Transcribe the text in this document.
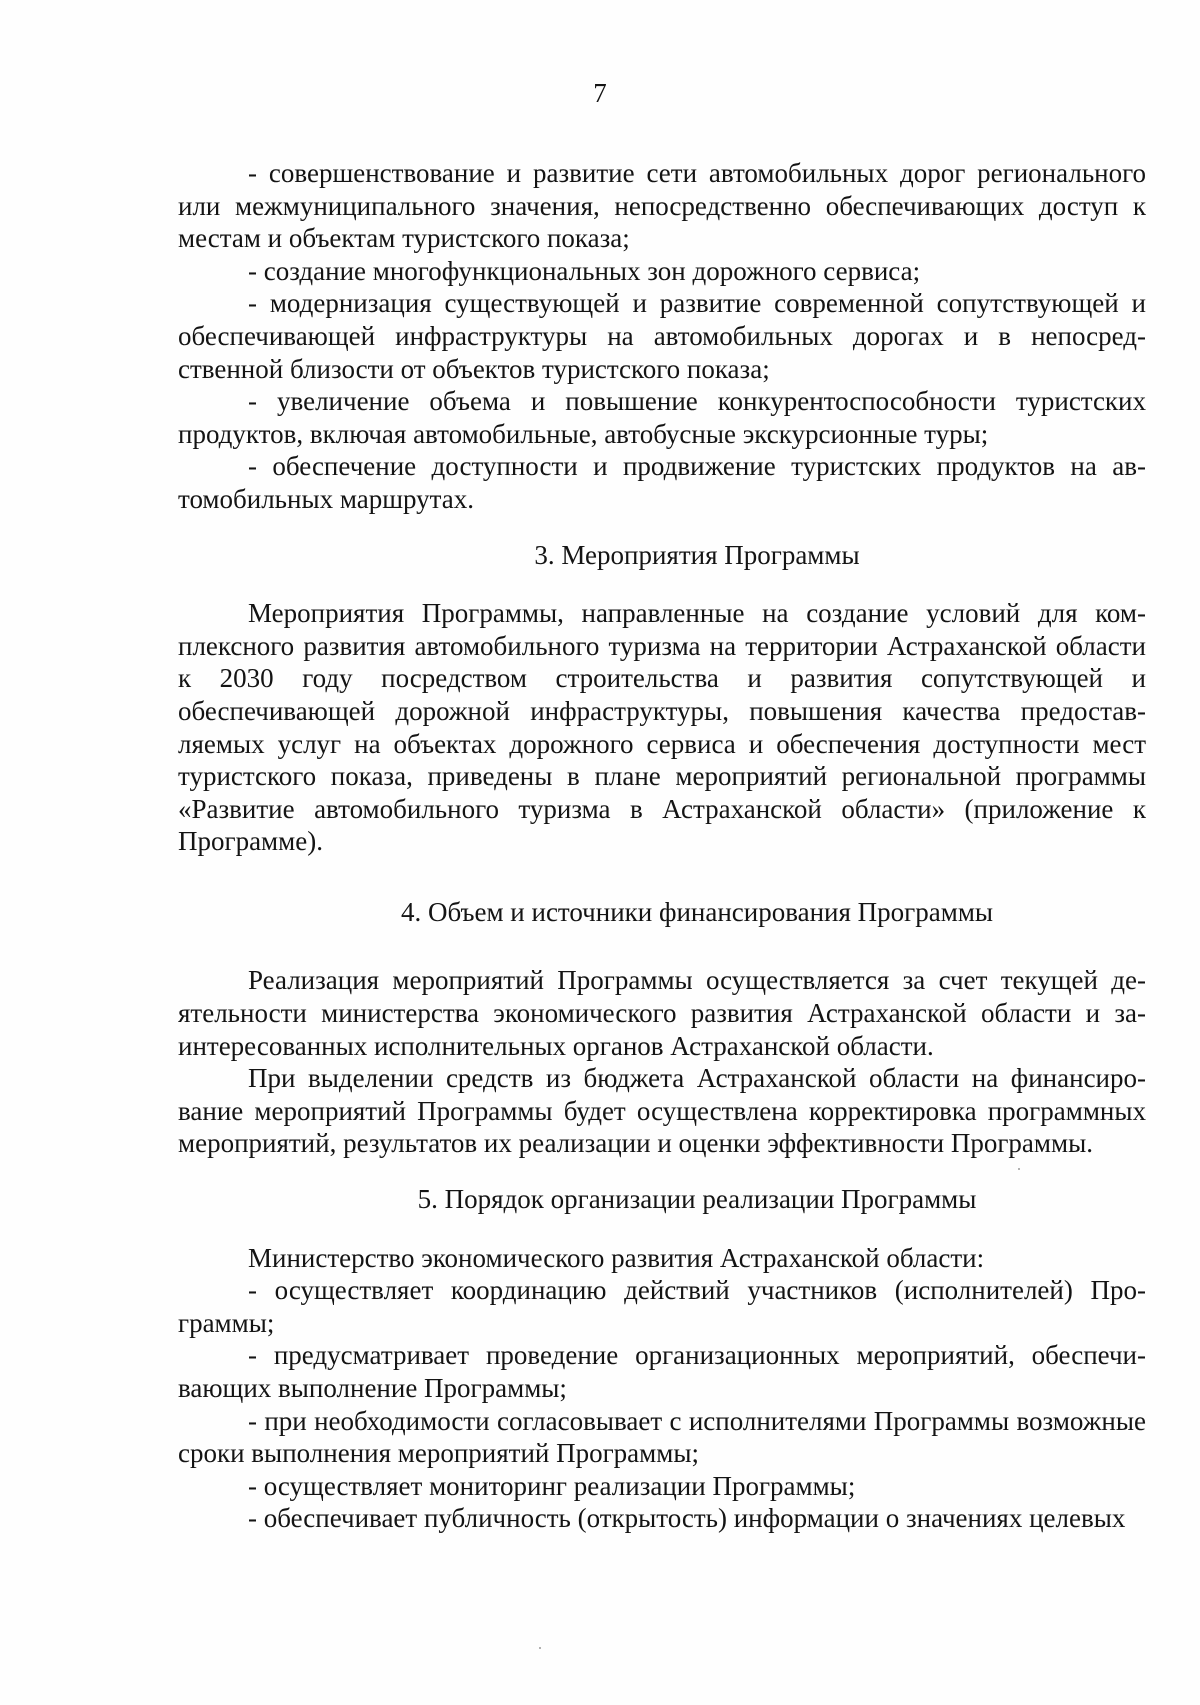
7

- совершенствование и развитие сети автомобильных дорог регионального или межмуниципального значения, непосредственно обеспечивающих доступ к местам и объектам туристского показа;

- создание многофункциональных зон дорожного сервиса;

- модернизация существующей и развитие современной сопутствующей и обеспечивающей инфраструктуры на автомобильных дорогах и в непосредственной близости от объектов туристского показа;

- увеличение объема и повышение конкурентоспособности туристских продуктов, включая автомобильные, автобусные экскурсионные туры;

- обеспечение доступности и продвижение туристских продуктов на автомобильных маршрутах.

3. Мероприятия Программы

Мероприятия Программы, направленные на создание условий для комплексного развития автомобильного туризма на территории Астраханской области к 2030 году посредством строительства и развития сопутствующей и обеспечивающей дорожной инфраструктуры, повышения качества предоставляемых услуг на объектах дорожного сервиса и обеспечения доступности мест туристского показа, приведены в плане мероприятий региональной программы «Развитие автомобильного туризма в Астраханской области» (приложение к Программе).

4. Объем и источники финансирования Программы

Реализация мероприятий Программы осуществляется за счет текущей деятельности министерства экономического развития Астраханской области и заинтересованных исполнительных органов Астраханской области.

При выделении средств из бюджета Астраханской области на финансирование мероприятий Программы будет осуществлена корректировка программных мероприятий, результатов их реализации и оценки эффективности Программы.

5. Порядок организации реализации Программы

Министерство экономического развития Астраханской области:

- осуществляет координацию действий участников (исполнителей) Программы;

- предусматривает проведение организационных мероприятий, обеспечивающих выполнение Программы;

- при необходимости согласовывает с исполнителями Программы возможные сроки выполнения мероприятий Программы;

- осуществляет мониторинг реализации Программы;

- обеспечивает публичность (открытость) информации о значениях целевых
